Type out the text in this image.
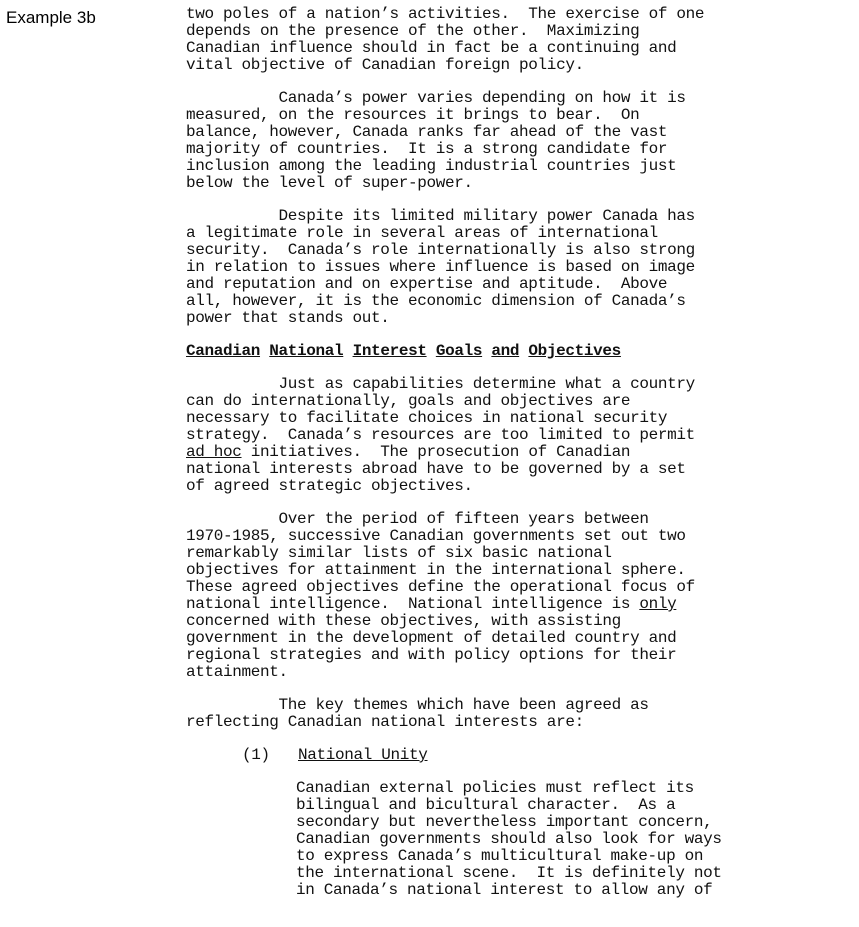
Example 3b	two poles of a nation’s activities.  The exercise of one
depends on the presence of the other.  Maximizing
Canadian influence should in fact be a continuing and
vital objective of Canadian foreign policy.
Canada’s power varies depending on how it is
measured, on the resources it brings to bear.  On
balance, however, Canada ranks far ahead of the vast
majority of countries.  It is a strong candidate for
inclusion among the leading industrial countries just
below the level of super-power.
Despite its limited military power Canada has
a legitimate role in several areas of international
security.  Canada’s role internationally is also strong
in relation to issues where influence is based on image
and reputation and on expertise and aptitude.  Above
all, however, it is the economic dimension of Canada’s
power that stands out.
Canadian National Interest Goals and Objectives
Just as capabilities determine what a country
can do internationally, goals and objectives are
necessary to facilitate choices in national security
strategy.  Canada’s resources are too limited to permit
ad hoc initiatives.  The prosecution of Canadian
national interests abroad have to be governed by a set
of agreed strategic objectives.
Over the period of fifteen years between
1970-1985, successive Canadian governments set out two
remarkably similar lists of six basic national
objectives for attainment in the international sphere.
These agreed objectives define the operational focus of
national intelligence.  National intelligence is only
concerned with these objectives, with assisting
government in the development of detailed country and
regional strategies and with policy options for their
attainment.
The key themes which have been agreed as
reflecting Canadian national interests are:
(1) National Unity
Canadian external policies must reflect its
bilingual and bicultural character.  As a
secondary but nevertheless important concern,
Canadian governments should also look for ways
to express Canada’s multicultural make-up on
the international scene.  It is definitely not
in Canada’s national interest to allow any of
